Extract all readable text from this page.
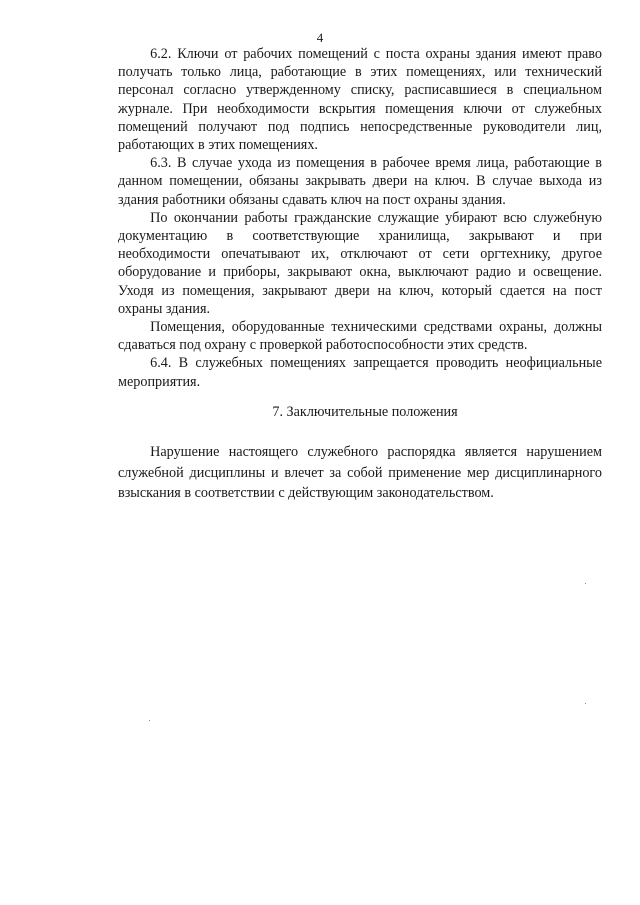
4

6.2. Ключи от рабочих помещений с поста охраны здания имеют право получать только лица, работающие в этих помещениях, или технический персонал согласно утвержденному списку, расписавшиеся в специальном журнале. При необходимости вскрытия помещения ключи от служебных помещений получают под подпись непосредственные руководители лиц, работающих в этих помещениях.

6.3. В случае ухода из помещения в рабочее время лица, работающие в данном помещении, обязаны закрывать двери на ключ. В случае выхода из здания работники обязаны сдавать ключ на пост охраны здания.

По окончании работы гражданские служащие убирают всю служебную документацию в соответствующие хранилища, закрывают и при необходимости опечатывают их, отключают от сети оргтехнику, другое оборудование и приборы, закрывают окна, выключают радио и освещение. Уходя из помещения, закрывают двери на ключ, который сдается на пост охраны здания.

Помещения, оборудованные техническими средствами охраны, должны сдаваться под охрану с проверкой работоспособности этих средств.

6.4. В служебных помещениях запрещается проводить неофициальные мероприятия.

7. Заключительные положения

Нарушение настоящего служебного распорядка является нарушением служебной дисциплины и влечет за собой применение мер дисциплинарного взыскания в соответствии с действующим законодательством.
